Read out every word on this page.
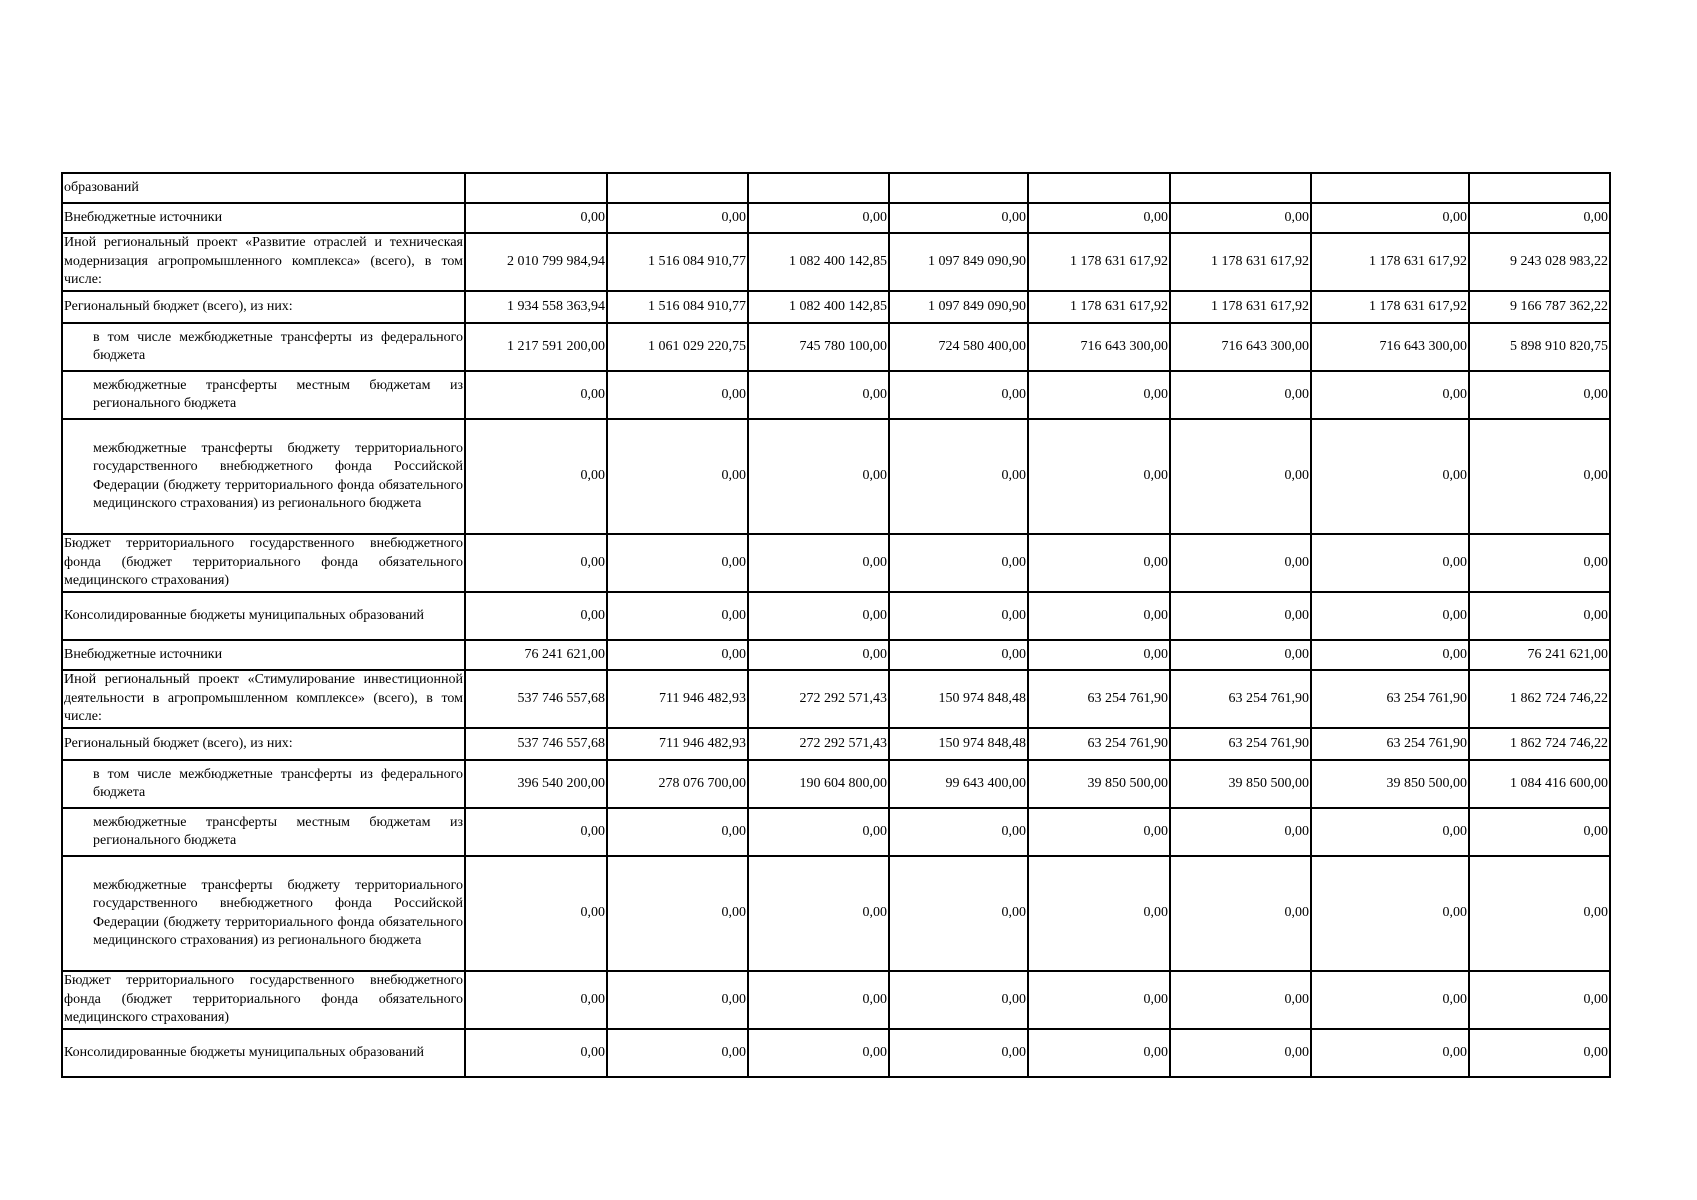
образований								
Внебюджетные источники	0,00	0,00	0,00	0,00	0,00	0,00	0,00	0,00
Иной региональный проект «Развитие отраслей и техническая модернизация агропромышленного комплекса» (всего), в том числе:	2 010 799 984,94	1 516 084 910,77	1 082 400 142,85	1 097 849 090,90	1 178 631 617,92	1 178 631 617,92	1 178 631 617,92	9 243 028 983,22
Региональный бюджет (всего), из них:	1 934 558 363,94	1 516 084 910,77	1 082 400 142,85	1 097 849 090,90	1 178 631 617,92	1 178 631 617,92	1 178 631 617,92	9 166 787 362,22
в том числе межбюджетные трансферты из федерального бюджета	1 217 591 200,00	1 061 029 220,75	745 780 100,00	724 580 400,00	716 643 300,00	716 643 300,00	716 643 300,00	5 898 910 820,75
межбюджетные трансферты местным бюджетам из регионального бюджета	0,00	0,00	0,00	0,00	0,00	0,00	0,00	0,00
межбюджетные трансферты бюджету территориального государственного внебюджетного фонда Российской Федерации (бюджету территориального фонда обязательного медицинского страхования) из регионального бюджета	0,00	0,00	0,00	0,00	0,00	0,00	0,00	0,00
Бюджет территориального государственного внебюджетного фонда (бюджет территориального фонда обязательного медицинского страхования)	0,00	0,00	0,00	0,00	0,00	0,00	0,00	0,00
Консолидированные бюджеты муниципальных образований	0,00	0,00	0,00	0,00	0,00	0,00	0,00	0,00
Внебюджетные источники	76 241 621,00	0,00	0,00	0,00	0,00	0,00	0,00	76 241 621,00
Иной региональный проект «Стимулирование инвестиционной деятельности в агропромышленном комплексе» (всего), в том числе:	537 746 557,68	711 946 482,93	272 292 571,43	150 974 848,48	63 254 761,90	63 254 761,90	63 254 761,90	1 862 724 746,22
Региональный бюджет (всего), из них:	537 746 557,68	711 946 482,93	272 292 571,43	150 974 848,48	63 254 761,90	63 254 761,90	63 254 761,90	1 862 724 746,22
в том числе межбюджетные трансферты из федерального бюджета	396 540 200,00	278 076 700,00	190 604 800,00	99 643 400,00	39 850 500,00	39 850 500,00	39 850 500,00	1 084 416 600,00
межбюджетные трансферты местным бюджетам из регионального бюджета	0,00	0,00	0,00	0,00	0,00	0,00	0,00	0,00
межбюджетные трансферты бюджету территориального государственного внебюджетного фонда Российской Федерации (бюджету территориального фонда обязательного медицинского страхования) из регионального бюджета	0,00	0,00	0,00	0,00	0,00	0,00	0,00	0,00
Бюджет территориального государственного внебюджетного фонда (бюджет территориального фонда обязательного медицинского страхования)	0,00	0,00	0,00	0,00	0,00	0,00	0,00	0,00
Консолидированные бюджеты муниципальных образований	0,00	0,00	0,00	0,00	0,00	0,00	0,00	0,00
